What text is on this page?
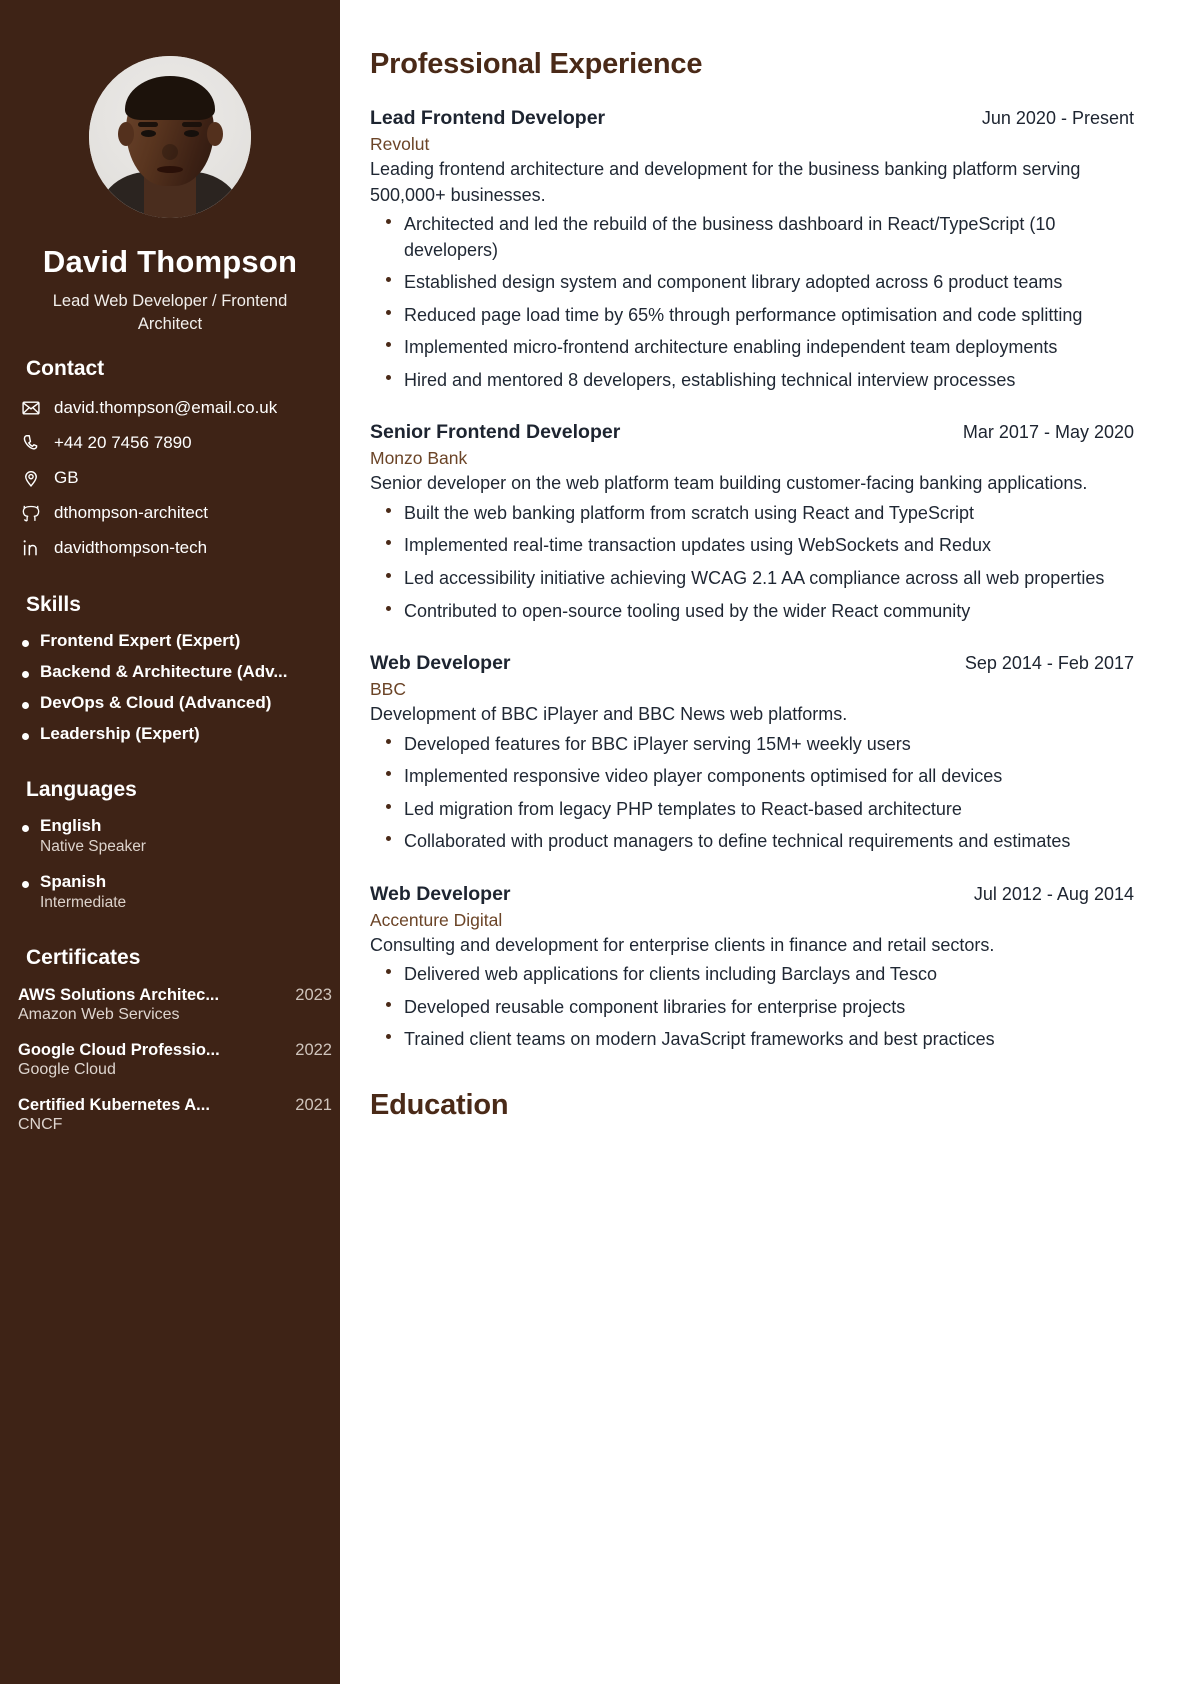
David Thompson
Lead Web Developer / Frontend Architect
Contact
david.thompson@email.co.uk
+44 20 7456 7890
GB
dthompson-architect
davidthompson-tech
Skills
Frontend Expert (Expert)
Backend & Architecture (Adv...
DevOps & Cloud (Advanced)
Leadership (Expert)
Languages
English
Native Speaker
Spanish
Intermediate
Certificates
AWS Solutions Architec...	2023
Amazon Web Services
Google Cloud Professio...	2022
Google Cloud
Certified Kubernetes A...	2021
CNCF
Professional Experience
Lead Frontend Developer	Jun 2020 - Present
Revolut
Leading frontend architecture and development for the business banking platform serving 500,000+ businesses.
Architected and led the rebuild of the business dashboard in React/TypeScript (10 developers)
Established design system and component library adopted across 6 product teams
Reduced page load time by 65% through performance optimisation and code splitting
Implemented micro-frontend architecture enabling independent team deployments
Hired and mentored 8 developers, establishing technical interview processes
Senior Frontend Developer	Mar 2017 - May 2020
Monzo Bank
Senior developer on the web platform team building customer-facing banking applications.
Built the web banking platform from scratch using React and TypeScript
Implemented real-time transaction updates using WebSockets and Redux
Led accessibility initiative achieving WCAG 2.1 AA compliance across all web properties
Contributed to open-source tooling used by the wider React community
Web Developer	Sep 2014 - Feb 2017
BBC
Development of BBC iPlayer and BBC News web platforms.
Developed features for BBC iPlayer serving 15M+ weekly users
Implemented responsive video player components optimised for all devices
Led migration from legacy PHP templates to React-based architecture
Collaborated with product managers to define technical requirements and estimates
Web Developer	Jul 2012 - Aug 2014
Accenture Digital
Consulting and development for enterprise clients in finance and retail sectors.
Delivered web applications for clients including Barclays and Tesco
Developed reusable component libraries for enterprise projects
Trained client teams on modern JavaScript frameworks and best practices
Education
